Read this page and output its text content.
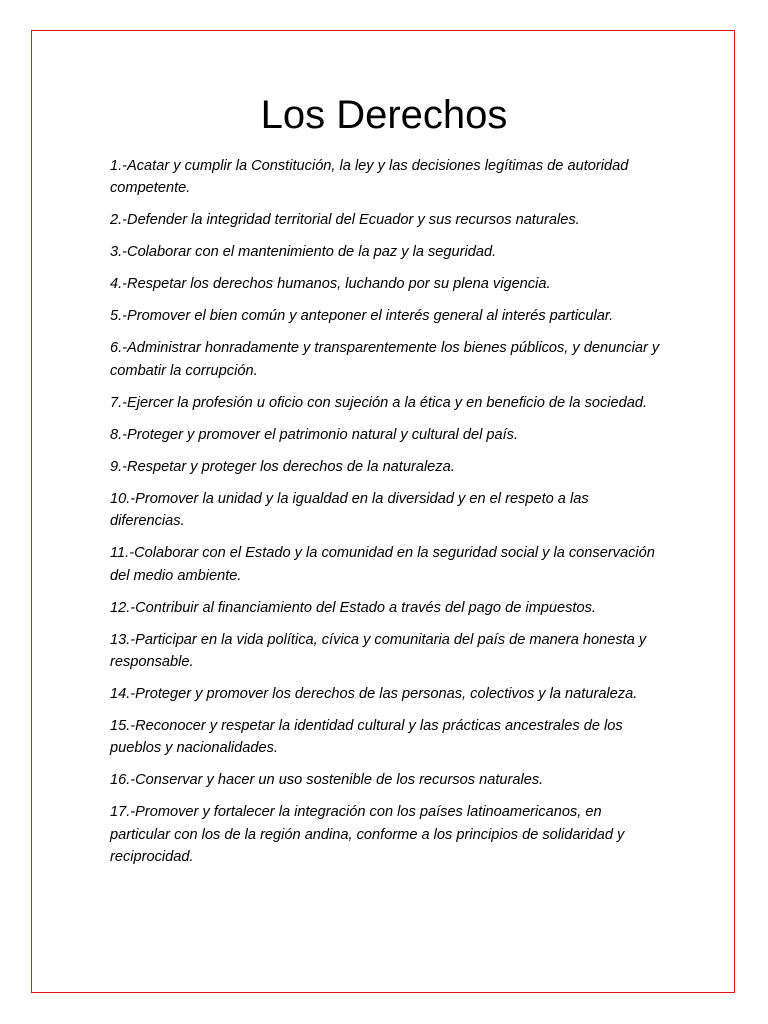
Los Derechos
1.-Acatar y cumplir la Constitución, la ley y las decisiones legítimas de autoridad competente.
2.-Defender la integridad territorial del Ecuador y sus recursos naturales.
3.-Colaborar con el mantenimiento de la paz y la seguridad.
4.-Respetar los derechos humanos, luchando por su plena vigencia.
5.-Promover el bien común y anteponer el interés general al interés particular.
6.-Administrar honradamente y transparentemente los bienes públicos, y denunciar y combatir la corrupción.
7.-Ejercer la profesión u oficio con sujeción a la ética y en beneficio de la sociedad.
8.-Proteger y promover el patrimonio natural y cultural del país.
9.-Respetar y proteger los derechos de la naturaleza.
10.-Promover la unidad y la igualdad en la diversidad y en el respeto a las diferencias.
11.-Colaborar con el Estado y la comunidad en la seguridad social y la conservación del medio ambiente.
12.-Contribuir al financiamiento del Estado a través del pago de impuestos.
13.-Participar en la vida política, cívica y comunitaria del país de manera honesta y responsable.
14.-Proteger y promover los derechos de las personas, colectivos y la naturaleza.
15.-Reconocer y respetar la identidad cultural y las prácticas ancestrales de los pueblos y nacionalidades.
16.-Conservar y hacer un uso sostenible de los recursos naturales.
17.-Promover y fortalecer la integración con los países latinoamericanos, en particular con los de la región andina, conforme a los principios de solidaridad y reciprocidad.
